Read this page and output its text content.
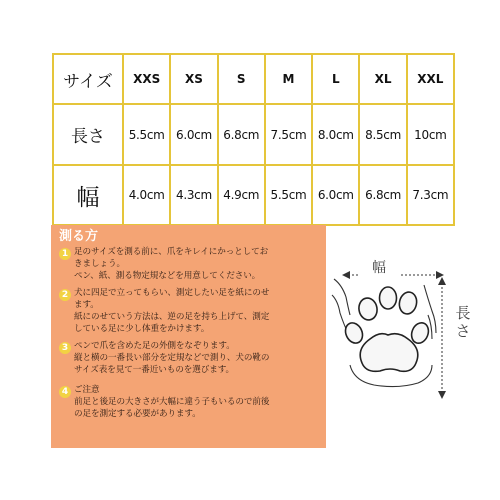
サイズ	XXS	XS	S	M	L	XL	XXL
長さ	5.5cm	6.0cm	6.8cm	7.5cm	8.0cm	8.5cm	10cm
幅	4.0cm	4.3cm	4.9cm	5.5cm	6.0cm	6.8cm	7.3cm
測る方
1 足のサイズを測る前に、爪をキレイにかっとしてお
きましょう。
ペン、紙、測る物定規などを用意してください。
2 犬に四足で立ってもらい、測定したい足を紙にのせ
ます。
紙にのせていう方法は、逆の足を持ち上げて、測定
している足に少し体重をかけます。
3 ペンで爪を含めた足の外側をなぞります。
縦と横の一番長い部分を定規などで測り、犬の靴の
サイズ表を見て一番近いものを選びます。
4 ご注意
前足と後足の大きさが大幅に違う子もいるので前後
の足を測定する必要があります。
幅
長さ
